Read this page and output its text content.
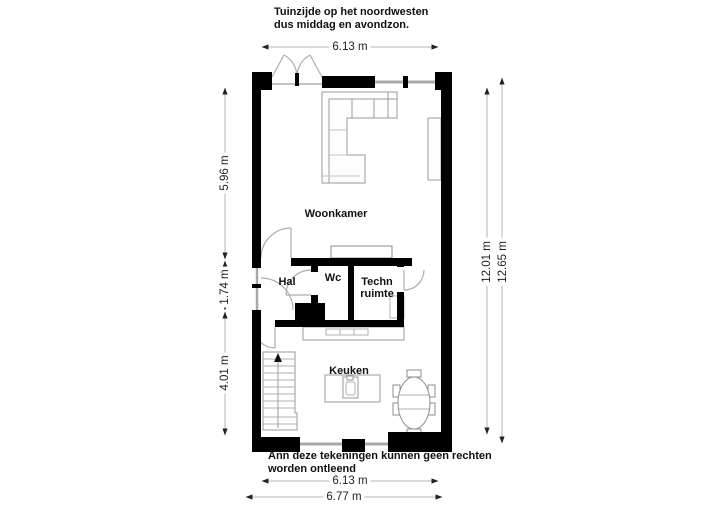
Tuinzijde op het noordwesten
dus middag en avondzon.
Ann deze tekeningen kunnen geen rechten
worden ontleend
6.13 m
6.13 m
6.77 m
5.96 m
1.74 m
4.01 m
12.01 m 12.65 m
Woonkamer
Hal	Wc Techn
ruimte
Keuken
